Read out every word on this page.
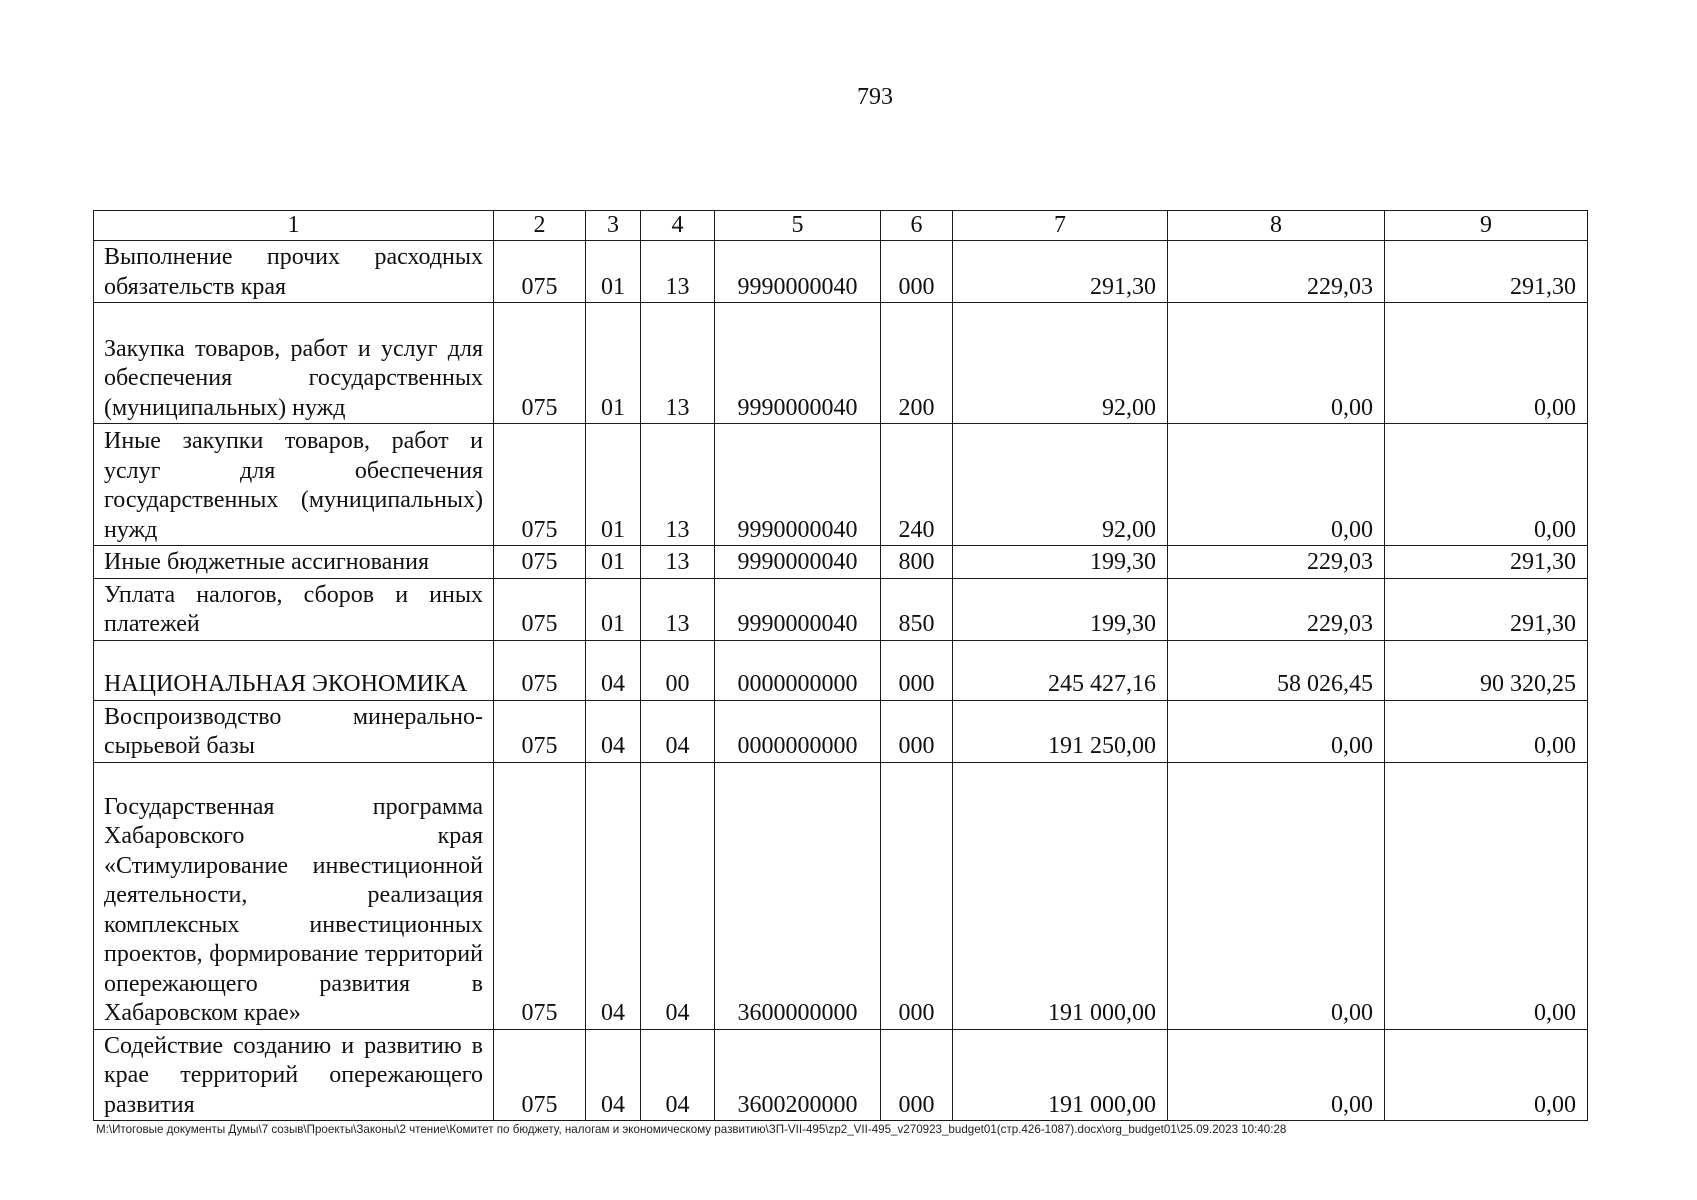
793
1	2	3	4	5	6	7	8	9
Выполнение прочих расходных обязательств края	075	01	13	9990000040	000	291,30	229,03	291,30
Закупка товаров, работ и услуг для обеспечения государственных (муниципальных) нужд	075	01	13	9990000040	200	92,00	0,00	0,00
Иные закупки товаров, работ и услуг для обеспечения государственных (муниципальных) нужд	075	01	13	9990000040	240	92,00	0,00	0,00
Иные бюджетные ассигнования	075	01	13	9990000040	800	199,30	229,03	291,30
Уплата налогов, сборов и иных платежей	075	01	13	9990000040	850	199,30	229,03	291,30
НАЦИОНАЛЬНАЯ ЭКОНОМИКА	075	04	00	0000000000	000	245 427,16	58 026,45	90 320,25
Воспроизводство минерально-сырьевой базы	075	04	04	0000000000	000	191 250,00	0,00	0,00
Государственная программа Хабаровского края «Стимулирование инвестиционной деятельности, реализация комплексных инвестиционных проектов, формирование территорий опережающего развития в Хабаровском крае»	075	04	04	3600000000	000	191 000,00	0,00	0,00
Содействие созданию и развитию в крае территорий опережающего развития	075	04	04	3600200000	000	191 000,00	0,00	0,00
M:\Итоговые документы Думы\7 созыв\Проекты\Законы\2 чтение\Комитет по бюджету, налогам и экономическому развитию\ЗП-VII-495\zp2_VII-495_v270923_budget01(стр.426-1087).docx\org_budget01\25.09.2023 10:40:28
